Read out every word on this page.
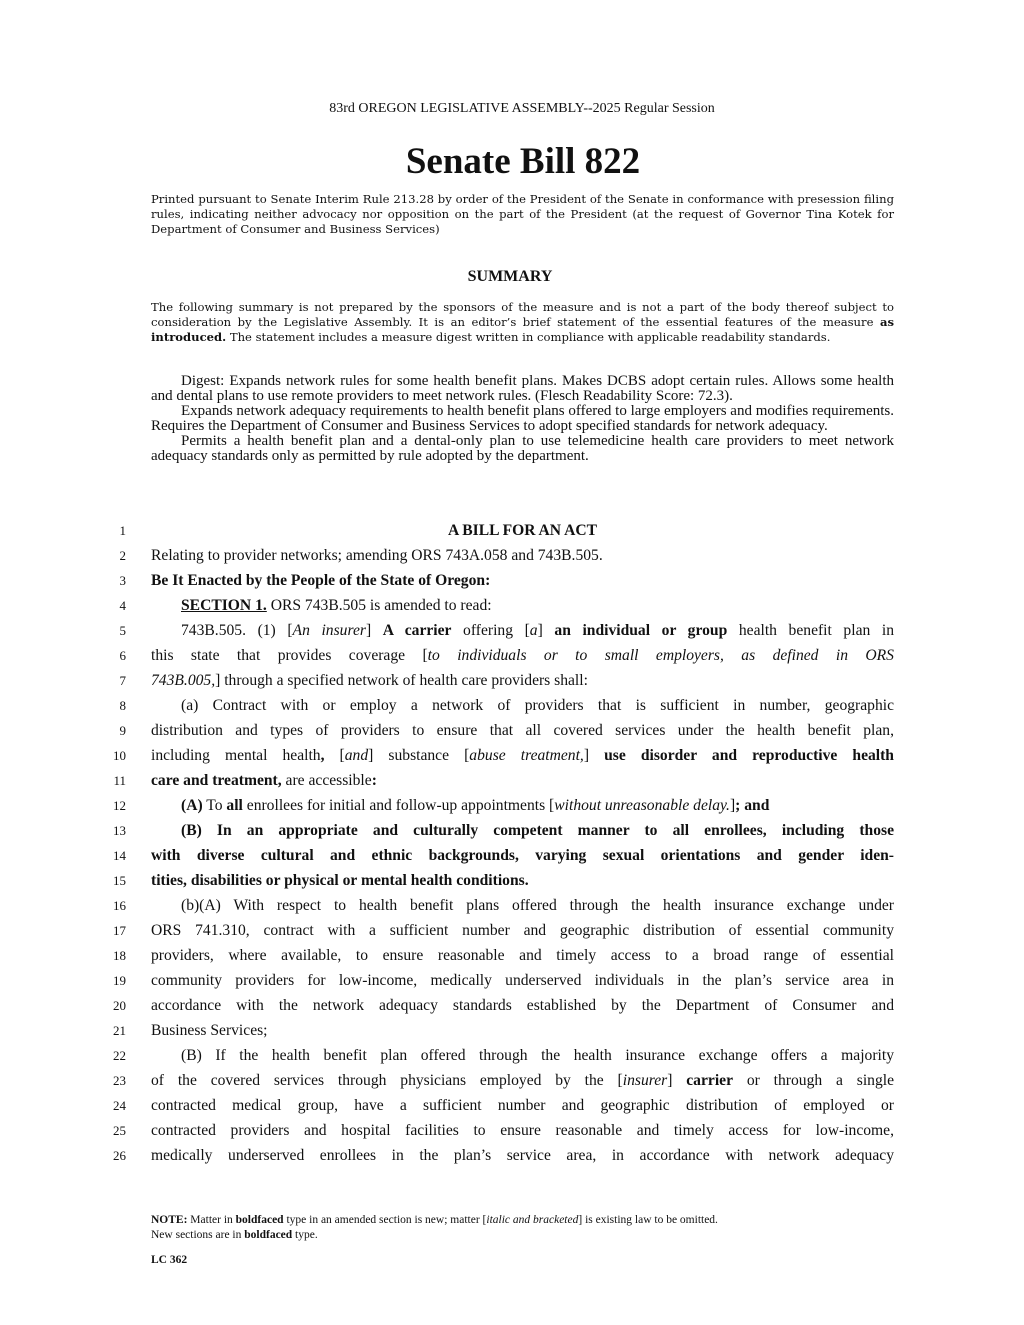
83rd OREGON LEGISLATIVE ASSEMBLY--2025 Regular Session
Senate Bill 822
Printed pursuant to Senate Interim Rule 213.28 by order of the President of the Senate in conformance with presession filing rules, indicating neither advocacy nor opposition on the part of the President (at the request of Governor Tina Kotek for Department of Consumer and Business Services)
SUMMARY
The following summary is not prepared by the sponsors of the measure and is not a part of the body thereof subject to consideration by the Legislative Assembly. It is an editor’s brief statement of the essential features of the measure as introduced. The statement includes a measure digest written in compliance with applicable readability standards.

Digest: Expands network rules for some health benefit plans. Makes DCBS adopt certain rules. Allows some health and dental plans to use remote providers to meet network rules. (Flesch Readability Score: 72.3).

Expands network adequacy requirements to health benefit plans offered to large employers and modifies requirements. Requires the Department of Consumer and Business Services to adopt specified standards for network adequacy.

Permits a health benefit plan and a dental-only plan to use telemedicine health care providers to meet network adequacy standards only as permitted by rule adopted by the department.

1	A BILL FOR AN ACT
2 Relating to provider networks; amending ORS 743A.058 and 743B.505.
3 Be It Enacted by the People of the State of Oregon:
4	SECTION 1. ORS 743B.505 is amended to read:
5	743B.505. (1) [An insurer] A carrier offering [a] an individual or group health benefit plan in
6 this state that provides coverage [to individuals or to small employers, as defined in ORS
7 743B.005,] through a specified network of health care providers shall:
8	(a) Contract with or employ a network of providers that is sufficient in number, geographic
9 distribution and types of providers to ensure that all covered services under the health benefit plan,
10 including mental health, [and] substance [abuse treatment,] use disorder and reproductive health
11 care and treatment, are accessible:
12	(A) To all enrollees for initial and follow-up appointments [without unreasonable delay.]; and
13	(B) In an appropriate and culturally competent manner to all enrollees, including those
14 with diverse cultural and ethnic backgrounds, varying sexual orientations and gender iden-
15 tities, disabilities or physical or mental health conditions.
16	(b)(A) With respect to health benefit plans offered through the health insurance exchange under
17 ORS 741.310, contract with a sufficient number and geographic distribution of essential community
18 providers, where available, to ensure reasonable and timely access to a broad range of essential
19 community providers for low-income, medically underserved individuals in the plan’s service area in
20 accordance with the network adequacy standards established by the Department of Consumer and
21 Business Services;
22	(B) If the health benefit plan offered through the health insurance exchange offers a majority
23 of the covered services through physicians employed by the [insurer] carrier or through a single
24 contracted medical group, have a sufficient number and geographic distribution of employed or
25 contracted providers and hospital facilities to ensure reasonable and timely access for low-income,
26 medically underserved enrollees in the plan’s service area, in accordance with network adequacy
NOTE: Matter in boldfaced type in an amended section is new; matter [italic and bracketed] is existing law to be omitted.
New sections are in boldfaced type.
LC 362
